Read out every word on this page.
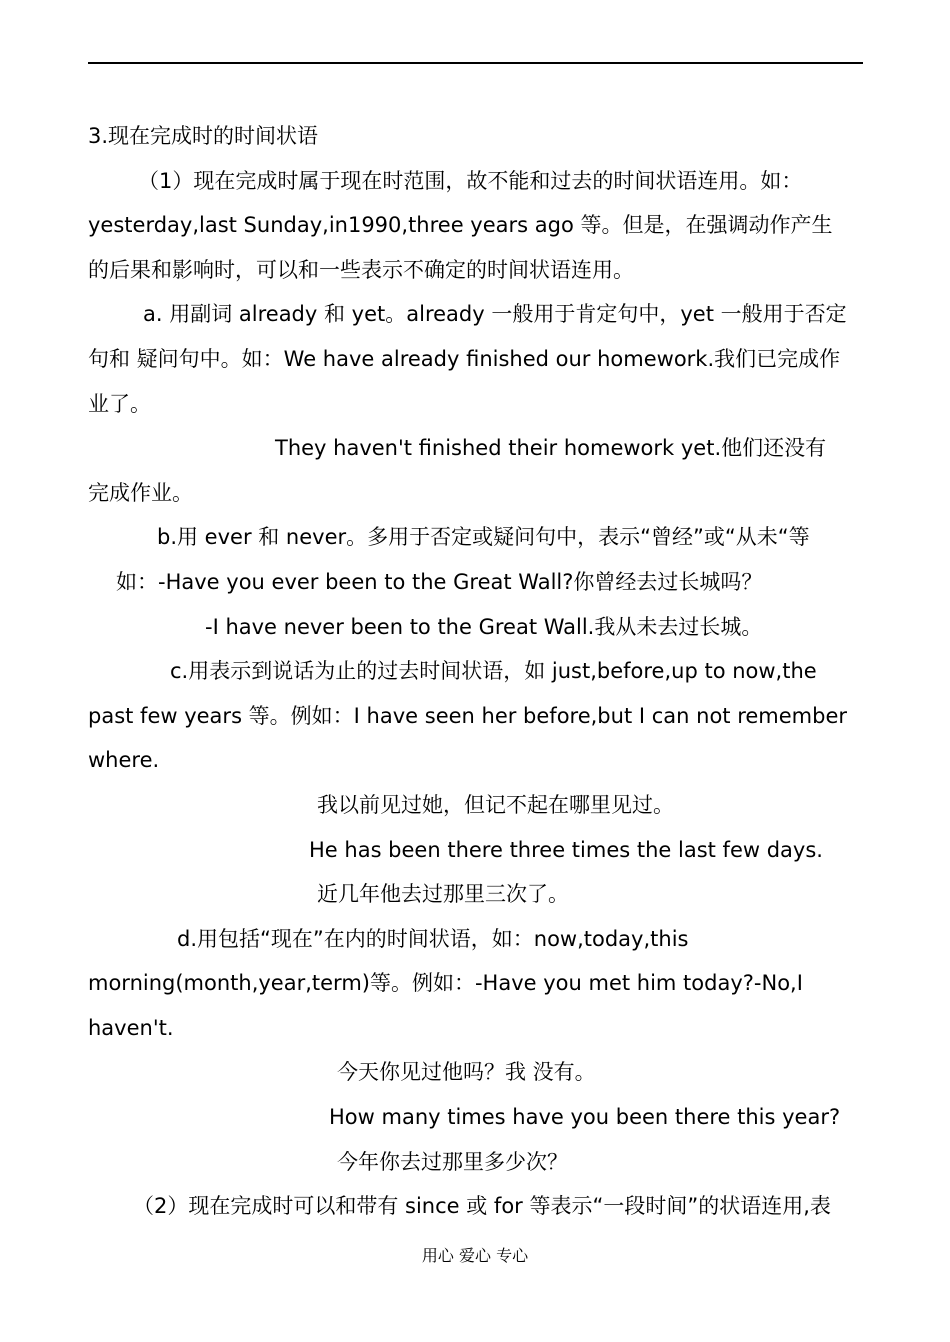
3.现在完成时的时间状语
（1）现在完成时属于现在时范围，故不能和过去的时间状语连用。如：
yesterday,last Sunday,in1990,three years ago 等。但是，在强调动作产生
的后果和影响时，可以和一些表示不确定的时间状语连用。
a. 用副词 already 和 yet。already 一般用于肯定句中，yet 一般用于否定
句和 疑问句中。如：We have already finished our homework.我们已完成作
业了。
They haven't finished their homework yet.他们还没有
完成作业。
b.用 ever 和 never。多用于否定或疑问句中，表示“曾经”或“从未“等
如：-Have you ever been to the Great Wall?你曾经去过长城吗？
-I have never been to the Great Wall.我从未去过长城。
c.用表示到说话为止的过去时间状语，如 just,before,up to now,the
past few years 等。例如：I have seen her before,but I can not remember
where.
我以前见过她，但记不起在哪里见过。
He has been there three times the last few days.
近几年他去过那里三次了。
d.用包括“现在”在内的时间状语，如：now,today,this
morning(month,year,term)等。例如：-Have you met him today?-No,I
haven't.
今天你见过他吗？我 没有。
How many times have you been there this year?
今年你去过那里多少次？
（2）现在完成时可以和带有 since 或 for 等表示“一段时间”的状语连用,表
用心 爱心 专心
